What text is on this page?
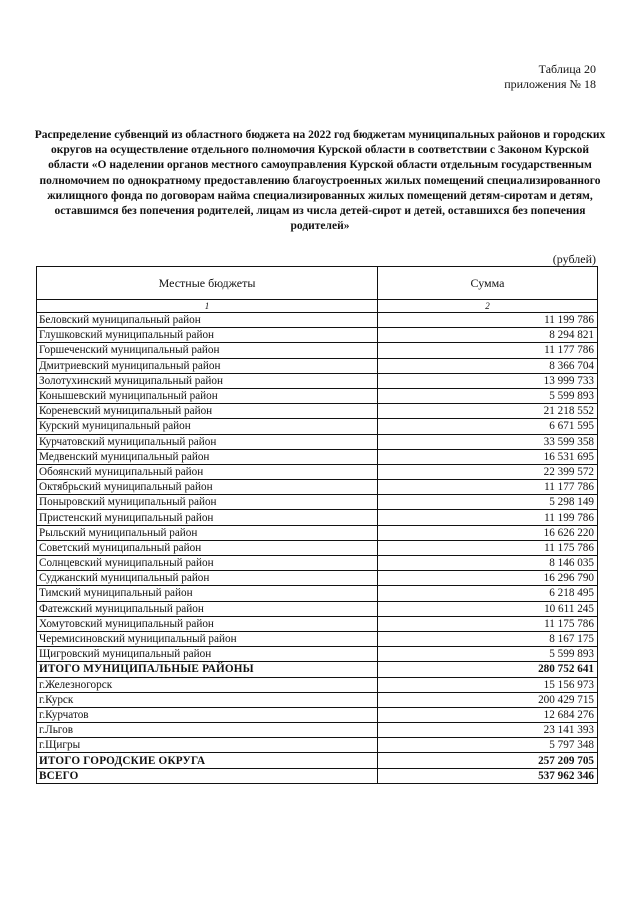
Таблица 20
приложения № 18
Распределение субвенций из областного бюджета на 2022 год бюджетам муниципальных районов и городских округов на осуществление отдельного полномочия Курской области в соответствии с Законом Курской области «О наделении органов местного самоуправления Курской области отдельным государственным полномочием по однократному предоставлению благоустроенных жилых помещений специализированного жилищного фонда по договорам найма специализированных жилых помещений детям-сиротам и детям, оставшимся без попечения родителей, лицам из числа детей-сирот и детей, оставшихся без попечения родителей»
(рублей)
Местные бюджеты	Сумма
1	2
Беловский муниципальный район	11 199 786
Глушковский муниципальный район	8 294 821
Горшеченский муниципальный район	11 177 786
Дмитриевский муниципальный район	8 366 704
Золотухинский муниципальный район	13 999 733
Конышевский муниципальный район	5 599 893
Кореневский муниципальный район	21 218 552
Курский муниципальный район	6 671 595
Курчатовский муниципальный район	33 599 358
Медвенский муниципальный район	16 531 695
Обоянский муниципальный район	22 399 572
Октябрьский муниципальный район	11 177 786
Поныровский муниципальный район	5 298 149
Пристенский муниципальный район	11 199 786
Рыльский муниципальный район	16 626 220
Советский муниципальный район	11 175 786
Солнцевский муниципальный район	8 146 035
Суджанский муниципальный район	16 296 790
Тимский муниципальный район	6 218 495
Фатежский муниципальный район	10 611 245
Хомутовский муниципальный район	11 175 786
Черемисиновский муниципальный район	8 167 175
Щигровский муниципальный район	5 599 893
ИТОГО МУНИЦИПАЛЬНЫЕ РАЙОНЫ	280 752 641
г.Железногорск	15 156 973
г.Курск	200 429 715
г.Курчатов	12 684 276
г.Льгов	23 141 393
г.Щигры	5 797 348
ИТОГО ГОРОДСКИЕ ОКРУГА	257 209 705
ВСЕГО	537 962 346
